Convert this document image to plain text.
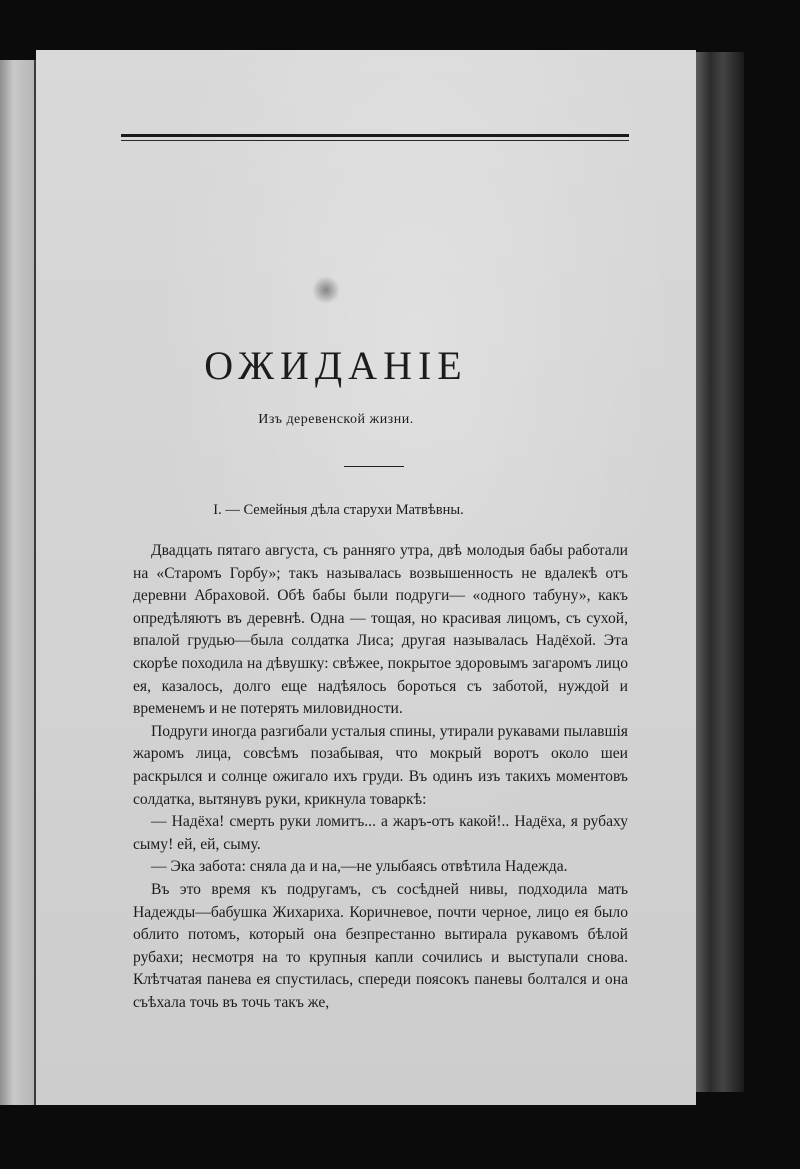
ОЖИДАНІЕ
Изъ деревенской жизни.
I. — Семейныя дѣла старухи Матвѣвны.

Двадцать пятаго августа, съ ранняго утра, двѣ молодыя бабы работали на «Старомъ Горбу»; такъ называлась возвышенность не вдалекѣ отъ деревни Абраховой. Обѣ бабы были подруги— «одного табуну», какъ опредѣляютъ въ деревнѣ. Одна — тощая, но красивая лицомъ, съ сухой, впалой грудью—была солдатка Лиса; другая называлась Надёхой. Эта скорѣе походила на дѣвушку: свѣжее, покрытое здоровымъ загаромъ лицо ея, казалось, долго еще надѣялось бороться съ заботой, нуждой и временемъ и не потерять миловидности.

Подруги иногда разгибали усталыя спины, утирали рукавами пылавшія жаромъ лица, совсѣмъ позабывая, что мокрый воротъ около шеи раскрылся и солнце ожигало ихъ груди. Въ одинъ изъ такихъ моментовъ солдатка, вытянувъ руки, крикнула товаркѣ:

— Надёха! смерть руки ломитъ... а жаръ-отъ какой!.. Надёха, я рубаху сыму! ей, ей, сыму.

— Эка забота: сняла да и на,—не улыбаясь отвѣтила Надежда.

Въ это время къ подругамъ, съ сосѣдней нивы, подходила мать Надежды—бабушка Жихариха. Коричневое, почти черное, лицо ея было облито потомъ, который она безпрестанно вытирала рукавомъ бѣлой рубахи; несмотря на то крупныя капли сочились и выступали снова. Клѣтчатая панева ея спустилась, спереди поясокъ паневы болтался и она съѣхала точь въ точь такъ же,
